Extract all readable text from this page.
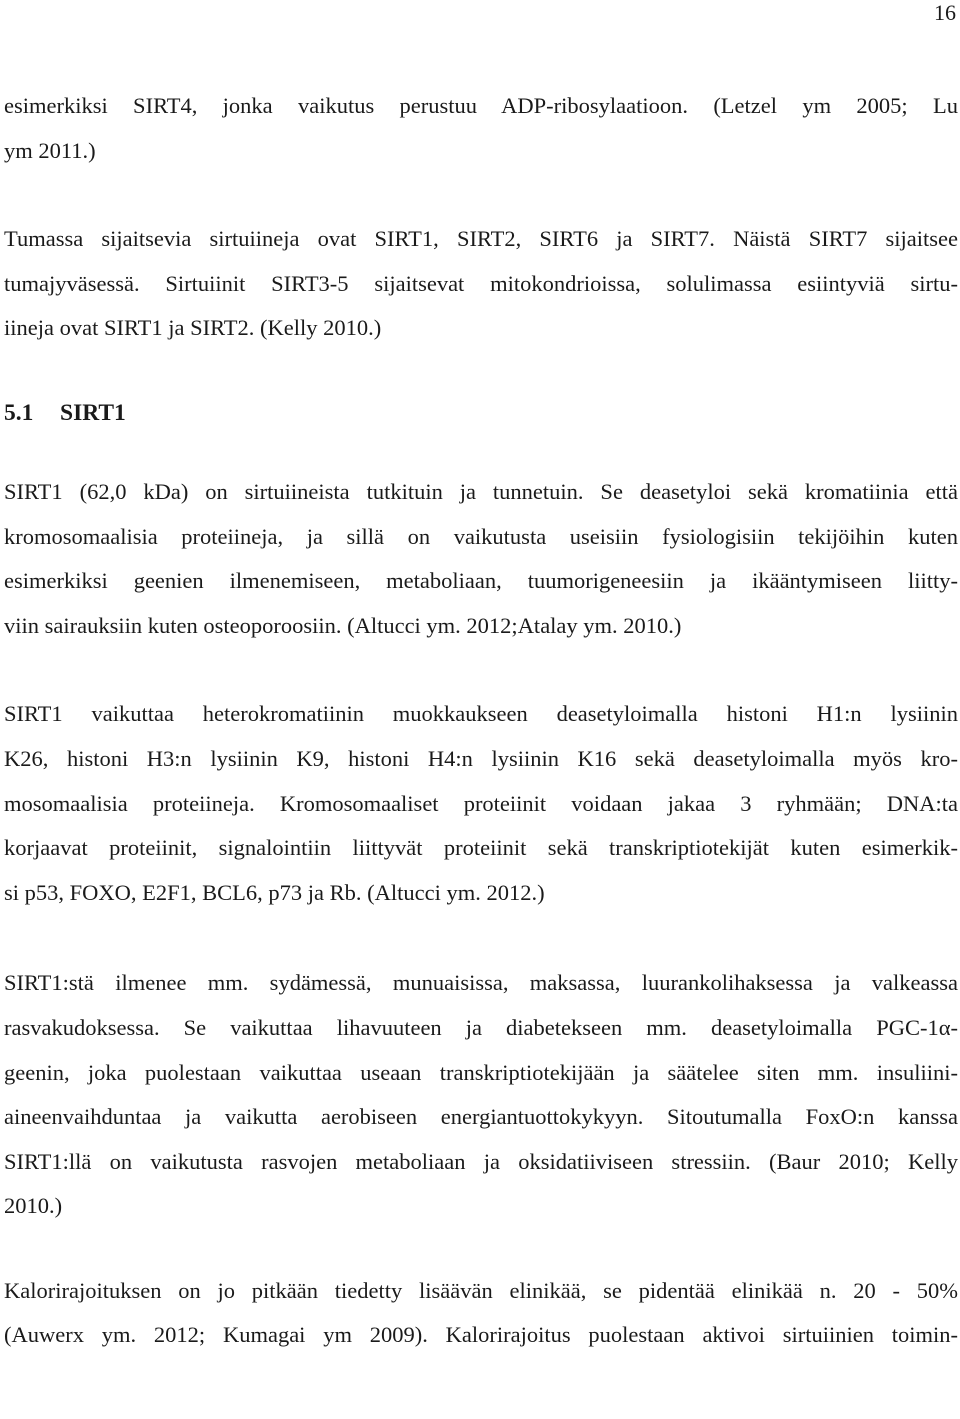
16

esimerkiksi SIRT4, jonka vaikutus perustuu ADP-ribosylaatioon. (Letzel ym 2005; Lu
ym 2011.)

Tumassa sijaitsevia sirtuiineja ovat SIRT1, SIRT2, SIRT6 ja SIRT7. Näistä SIRT7 sijaitsee
tumajyväsessä. Sirtuiinit SIRT3-5 sijaitsevat mitokondrioissa, solulimassa esiintyviä sirtu-
iineja ovat SIRT1 ja SIRT2. (Kelly 2010.)

5.1 SIRT1

SIRT1 (62,0 kDa) on sirtuiineista tutkituin ja tunnetuin. Se deasetyloi sekä kromatiinia että
kromosomaalisia proteiineja, ja sillä on vaikutusta useisiin fysiologisiin tekijöihin kuten
esimerkiksi geenien ilmenemiseen, metaboliaan, tuumorigeneesiin ja ikääntymiseen liitty-
viin sairauksiin kuten osteoporoosiin. (Altucci ym. 2012;Atalay ym. 2010.)

SIRT1 vaikuttaa heterokromatiinin muokkaukseen deasetyloimalla histoni H1:n lysiinin
K26, histoni H3:n lysiinin K9, histoni H4:n lysiinin K16 sekä deasetyloimalla myös kro-
mosomaalisia proteiineja. Kromosomaaliset proteiinit voidaan jakaa 3 ryhmään; DNA:ta
korjaavat proteiinit, signalointiin liittyvät proteiinit sekä transkriptiotekijät kuten esimerkik-
si p53, FOXO, E2F1, BCL6, p73 ja Rb. (Altucci ym. 2012.)

SIRT1:stä ilmenee mm. sydämessä, munuaisissa, maksassa, luurankolihaksessa ja valkeassa
rasvakudoksessa. Se vaikuttaa lihavuuteen ja diabetekseen mm. deasetyloimalla PGC-1α-
geenin, joka puolestaan vaikuttaa useaan transkriptiotekijään ja säätelee siten mm. insuliini-
aineenvaihduntaa ja vaikutta aerobiseen energiantuottokykyyn. Sitoutumalla FoxO:n kanssa
SIRT1:llä on vaikutusta rasvojen metaboliaan ja oksidatiiviseen stressiin. (Baur 2010; Kelly
2010.)

Kalorirajoituksen on jo pitkään tiedetty lisäävän elinikää, se pidentää elinikää n. 20 - 50%
(Auwerx ym. 2012; Kumagai ym 2009). Kalorirajoitus puolestaan aktivoi sirtuiinien toimin-
